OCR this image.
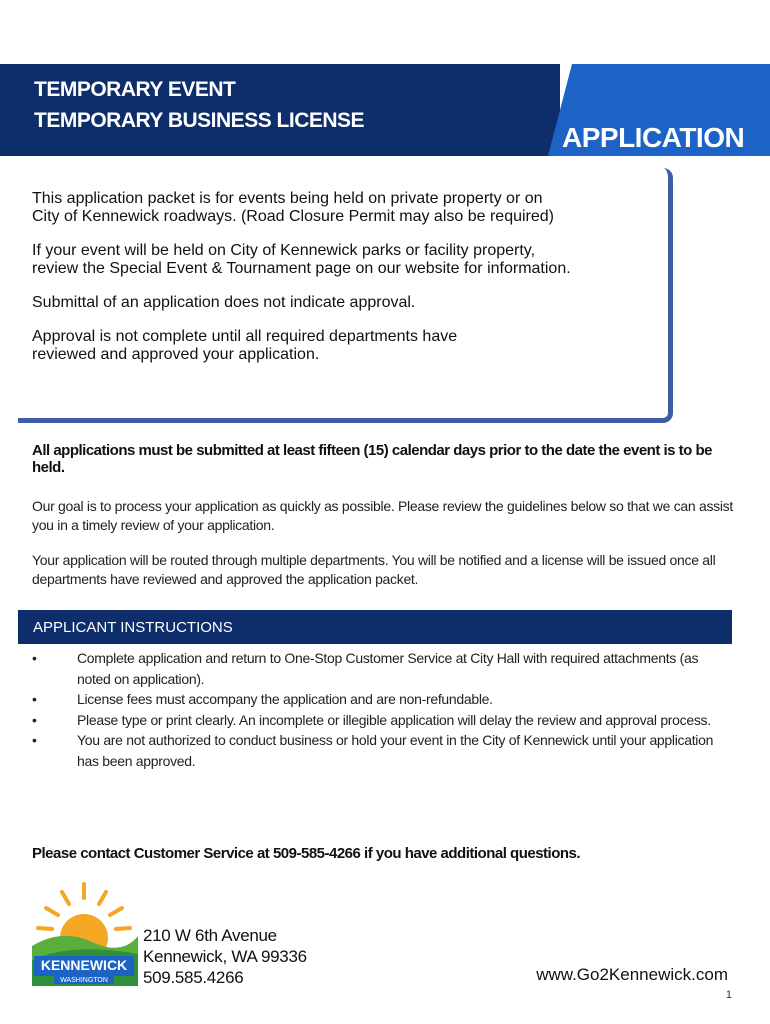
TEMPORARY EVENT
TEMPORARY BUSINESS LICENSE
APPLICATION

This application packet is for events being held on private property or on
City of Kennewick roadways. (Road Closure Permit may also be required)

If your event will be held on City of Kennewick parks or facility property,
review the Special Event & Tournament page on our website for information.

Submittal of an application does not indicate approval.

Approval is not complete until all required departments have
reviewed and approved your application.

All applications must be submitted at least fifteen (15) calendar days prior to the date the event is to be held.
Our goal is to process your application as quickly as possible. Please review the guidelines below so that we can assist you in a timely review of your application.
Your application will be routed through multiple departments. You will be notified and a license will be issued once all departments have reviewed and approved the application packet.
APPLICANT INSTRUCTIONS
•	Complete application and return to One-Stop Customer Service at City Hall with required attachments (as noted on application).
•	License fees must accompany the application and are non-refundable.
•	Please type or print clearly. An incomplete or illegible application will delay the review and approval process.
•	You are not authorized to conduct business or hold your event in the City of Kennewick until your application has been approved.
Please contact Customer Service at 509-585-4266 if you have additional questions.
KENNEWICK
WASHINGTON
210 W 6th Avenue
Kennewick, WA 99336
509.585.4266	www.Go2Kennewick.com
1
